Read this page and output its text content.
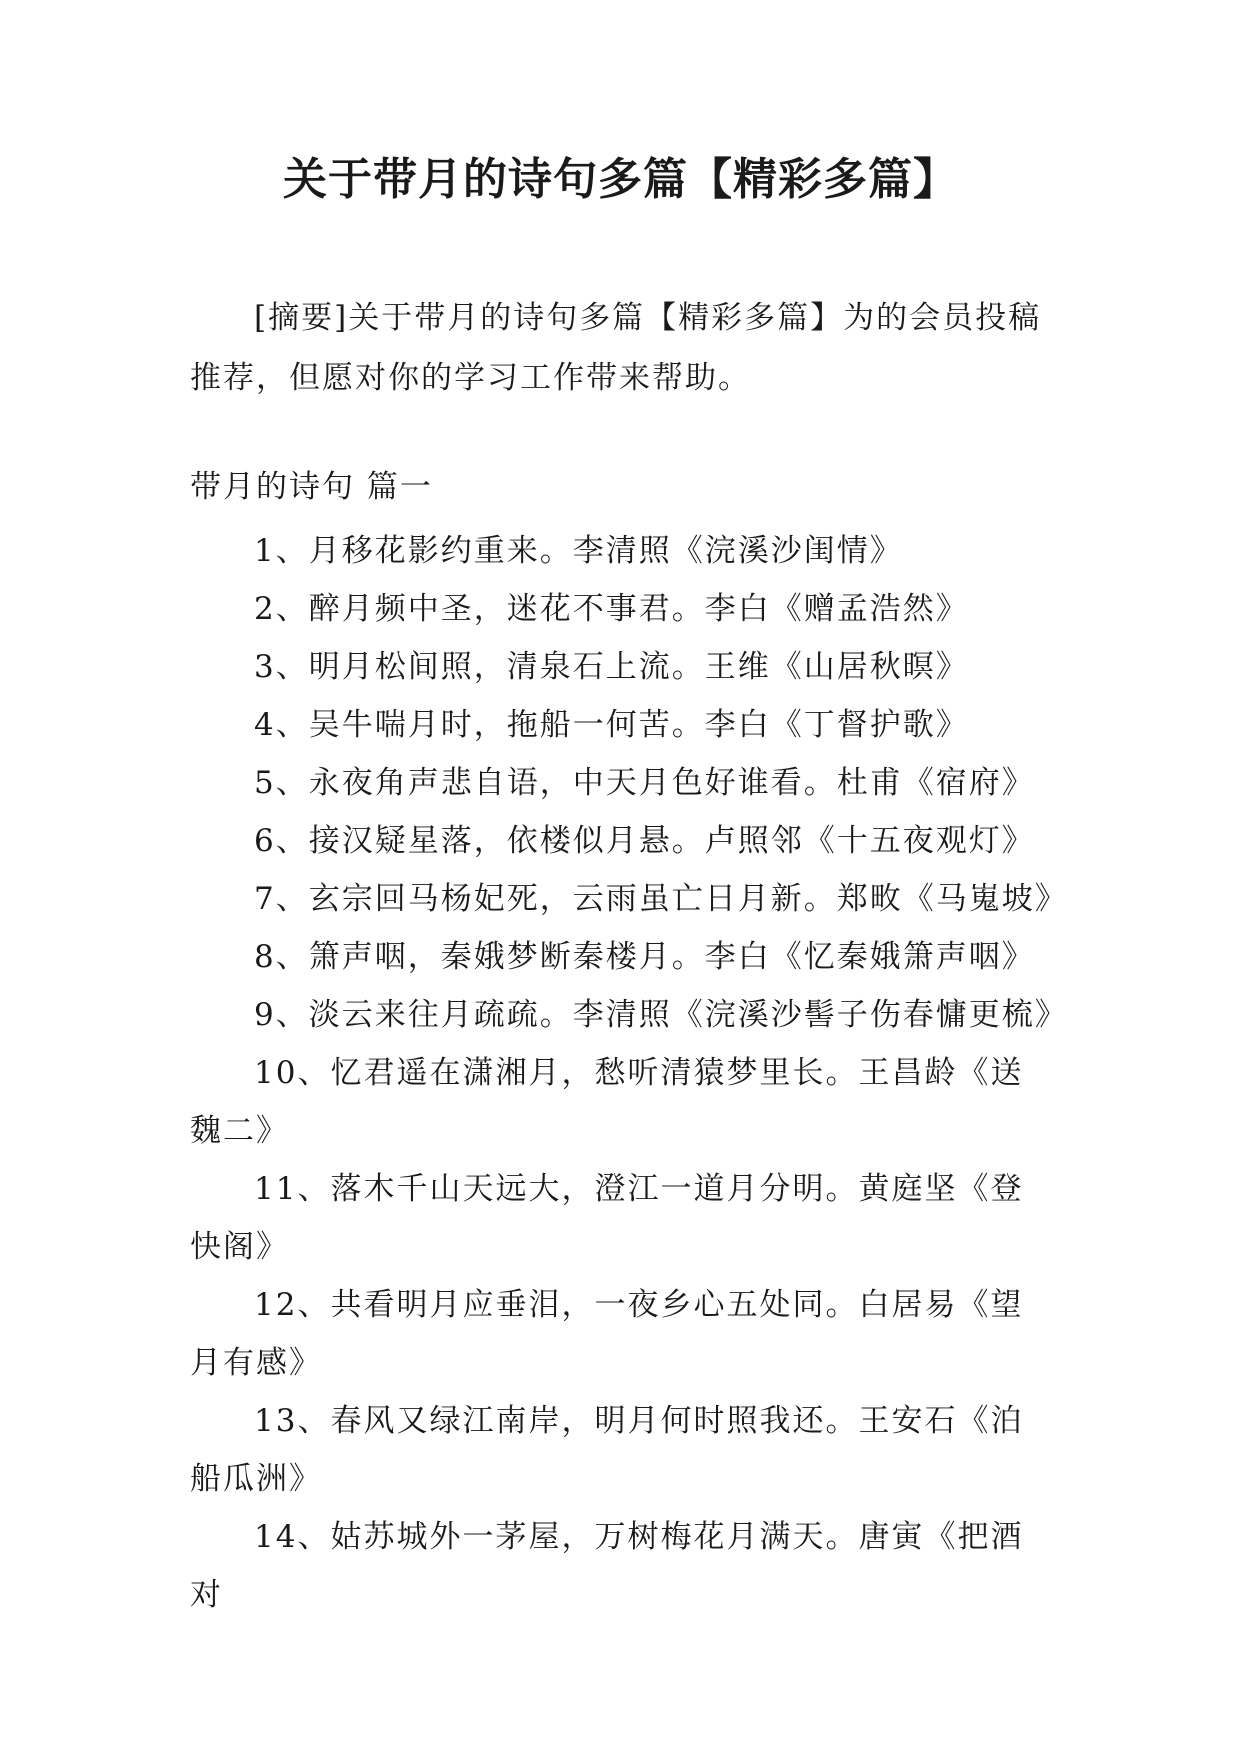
关于带月的诗句多篇【精彩多篇】

[摘要]关于带月的诗句多篇【精彩多篇】为的会员投稿推荐，但愿对你的学习工作带来帮助。

带月的诗句 篇一

1、月移花影约重来。李清照《浣溪沙闺情》
2、醉月频中圣，迷花不事君。李白《赠孟浩然》
3、明月松间照，清泉石上流。王维《山居秋暝》
4、吴牛喘月时，拖船一何苦。李白《丁督护歌》
5、永夜角声悲自语，中天月色好谁看。杜甫《宿府》
6、接汉疑星落，依楼似月悬。卢照邻《十五夜观灯》
7、玄宗回马杨妃死，云雨虽亡日月新。郑畋《马嵬坡》
8、箫声咽，秦娥梦断秦楼月。李白《忆秦娥箫声咽》
9、淡云来往月疏疏。李清照《浣溪沙髻子伤春慵更梳》
10、忆君遥在潇湘月，愁听清猿梦里长。王昌龄《送魏二》
11、落木千山天远大，澄江一道月分明。黄庭坚《登快阁》
12、共看明月应垂泪，一夜乡心五处同。白居易《望月有感》
13、春风又绿江南岸，明月何时照我还。王安石《泊船瓜洲》
14、姑苏城外一茅屋，万树梅花月满天。唐寅《把酒对
